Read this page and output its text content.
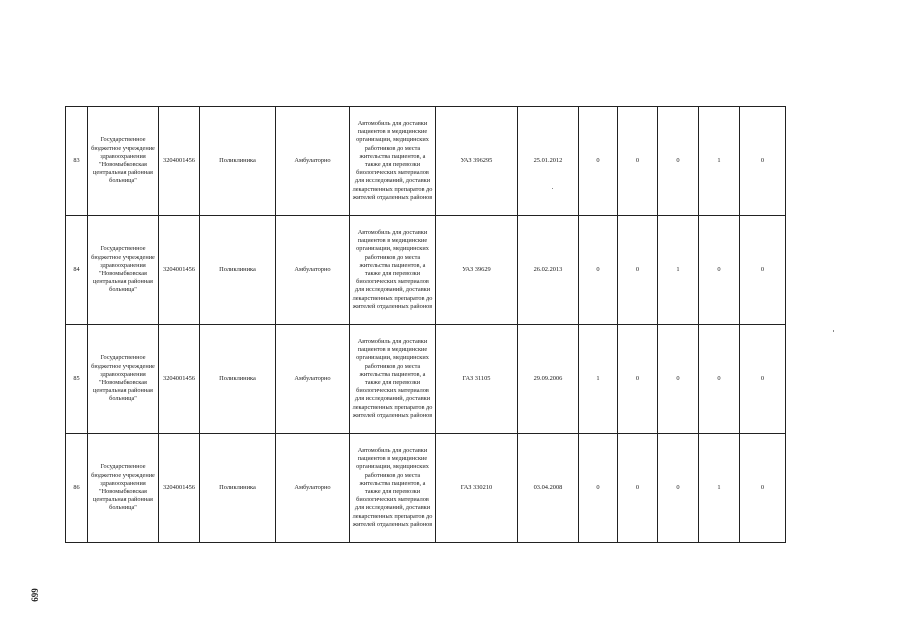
83	Государственное бюджетное учреждение здравоохранения "Новомыбковская центральная районная больница"	3204001456	Поликлиника	Амбулаторно	Автомобиль для доставки пациентов в медицинские организации, медицинских работников до места жительства пациентов, а также для перевозки биологических материалов для исследований, доставки лекарственных препаратов до жителей отдаленных районов	УАЗ 396295	25.01.2012	0	0	0	1	0
84	Государственное бюджетное учреждение здравоохранения "Новомыбковская центральная районная больница"	3204001456	Поликлиника	Амбулаторно	Автомобиль для доставки пациентов в медицинские организации, медицинских работников до места жительства пациентов, а также для перевозки биологических материалов для исследований, доставки лекарственных препаратов до жителей отдаленных районов	УАЗ 39629	26.02.2013	0	0	1	0	0
85	Государственное бюджетное учреждение здравоохранения "Новомыбковская центральная районная больница"	3204001456	Поликлиника	Амбулаторно	Автомобиль для доставки пациентов в медицинские организации, медицинских работников до места жительства пациентов, а также для перевозки биологических материалов для исследований, доставки лекарственных препаратов до жителей отдаленных районов	ГАЗ 31105	29.09.2006	1	0	0	0	0
86	Государственное бюджетное учреждение здравоохранения "Новомыбковская центральная районная больница"	3204001456	Поликлиника	Амбулаторно	Автомобиль для доставки пациентов в медицинские организации, медицинских работников до места жительства пациентов, а также для перевозки биологических материалов для исследований, доставки лекарственных препаратов до жителей отдаленных районов	ГАЗ 330210	03.04.2008	0	0	0	1	0
699
